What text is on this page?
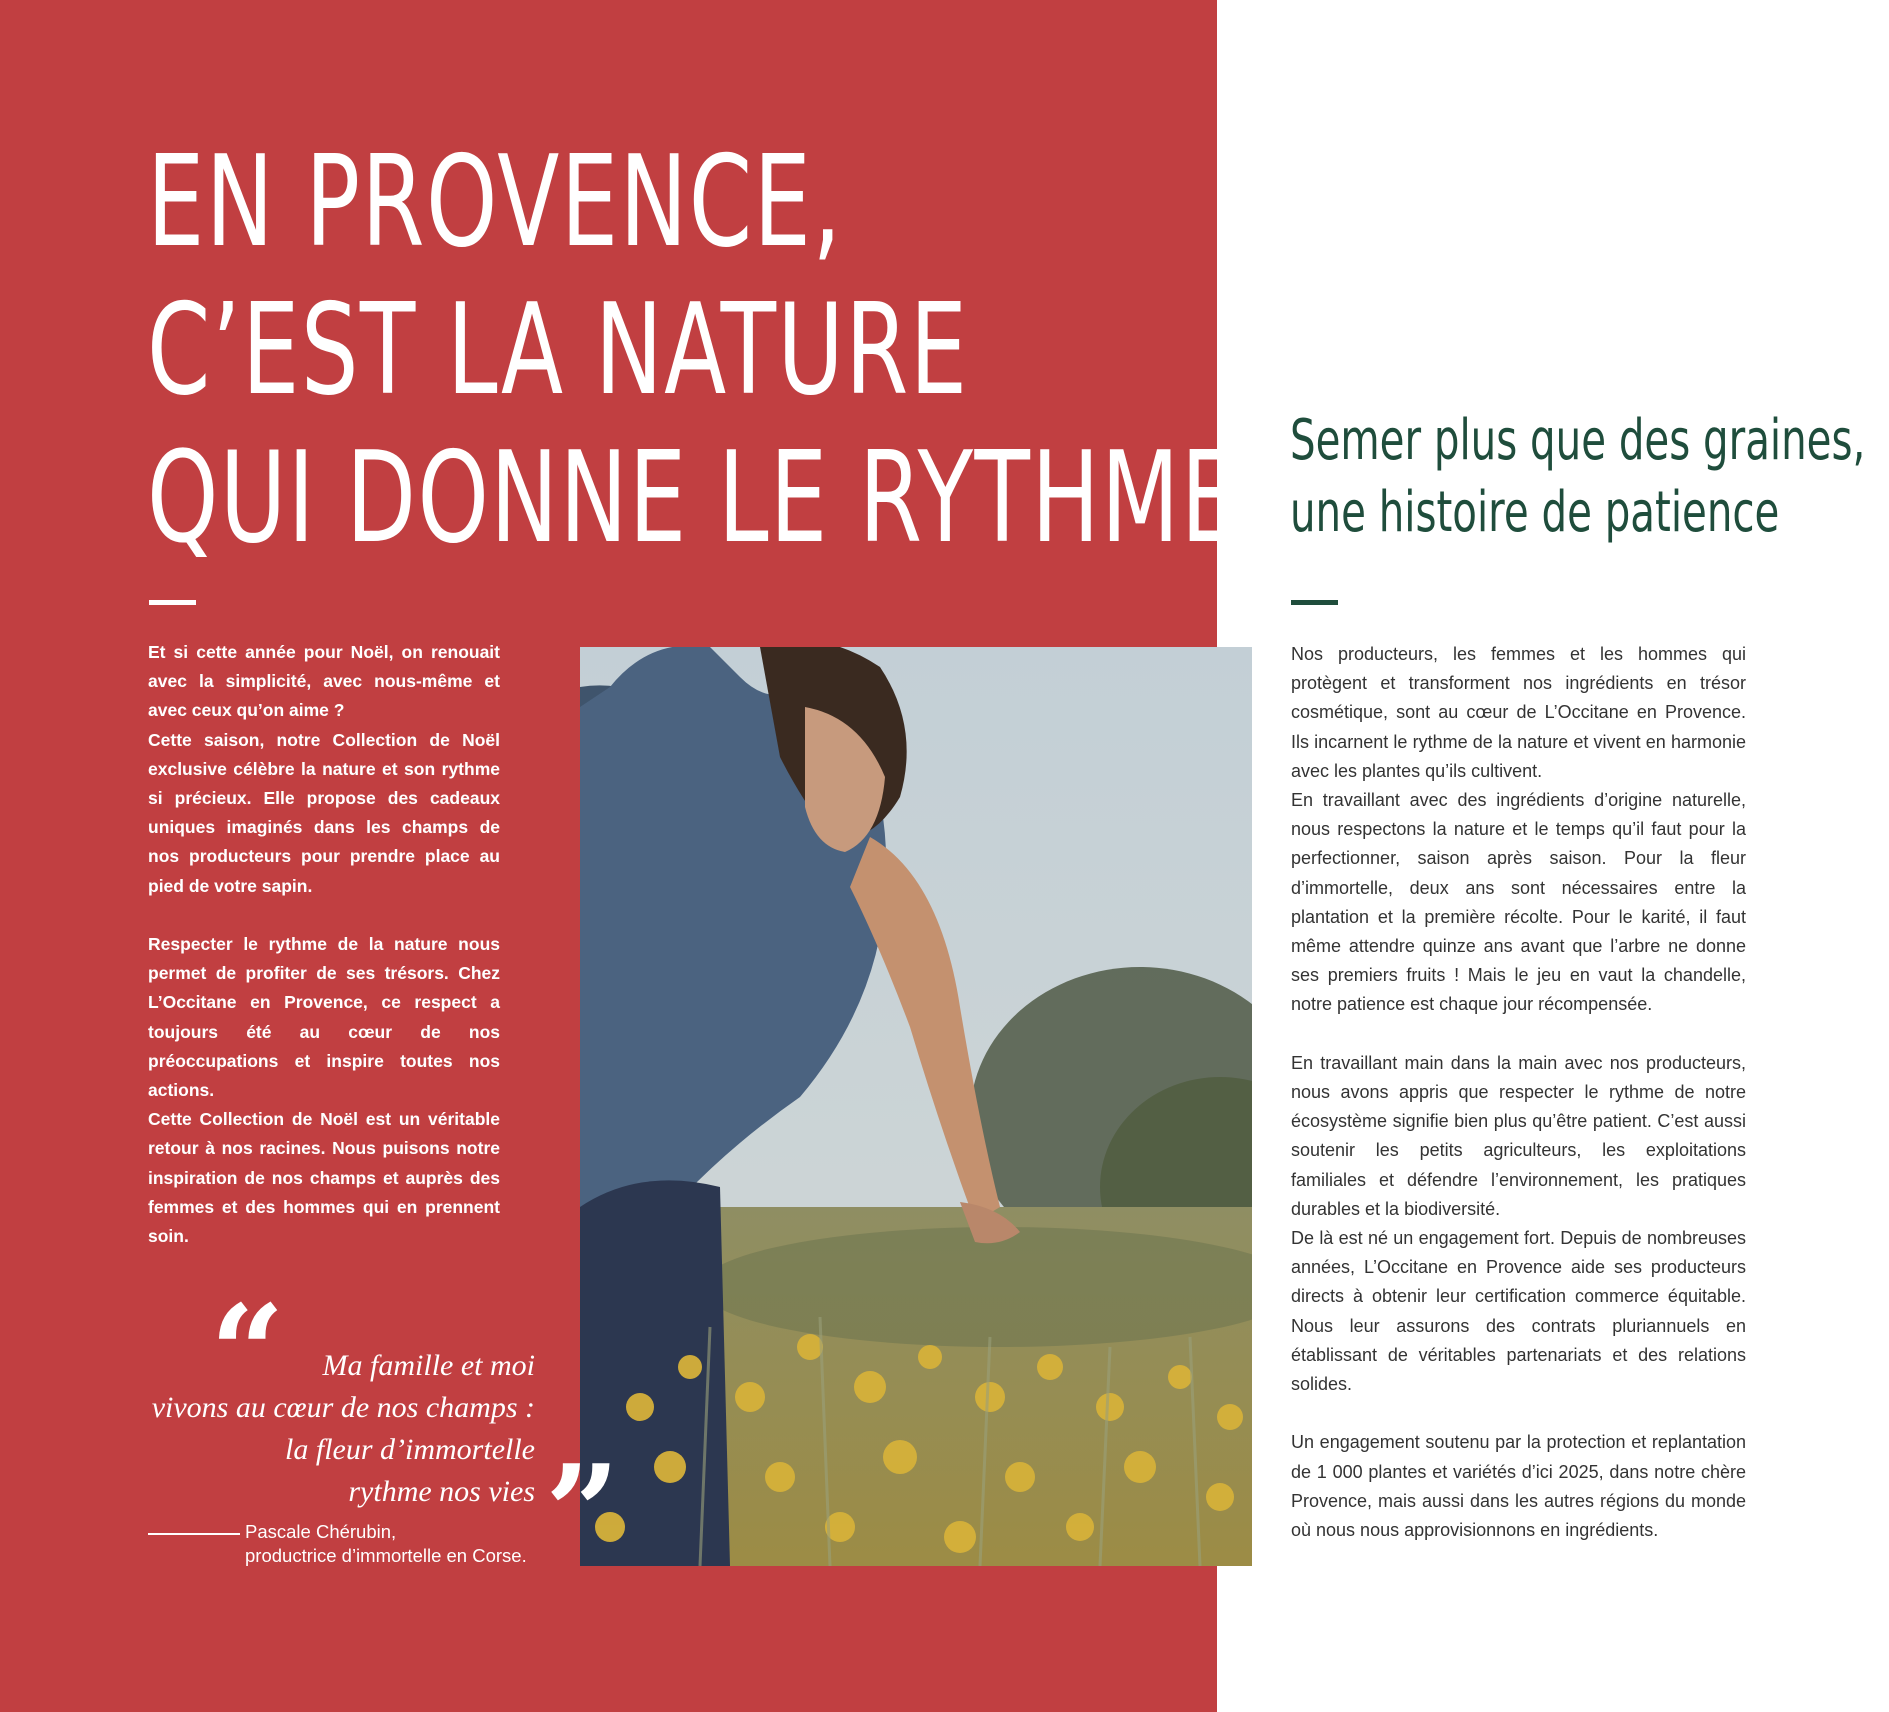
EN PROVENCE,
C’EST LA NATURE
QUI DONNE LE RYTHME.

Et si cette année pour Noël, on renouait avec la simplicité, avec nous-même et avec ceux qu’on aime ?

Cette saison, notre Collection de Noël exclusive célèbre la nature et son rythme si précieux. Elle propose des cadeaux uniques imaginés dans les champs de nos producteurs pour prendre place au pied de votre sapin.

Respecter le rythme de la nature nous permet de profiter de ses trésors. Chez L’Occitane en Provence, ce respect a toujours été au cœur de nos préoccupations et inspire toutes nos actions.

Cette Collection de Noël est un véritable retour à nos racines. Nous puisons notre inspiration de nos champs et auprès des femmes et des hommes qui en prennent soin.

“	Ma famille et moi
vivons au cœur de nos champs :
la fleur d’immortelle
rythme nos vies ”
Pascale Chérubin,
productrice d’immortelle en Corse.
Semer plus que des graines,
une histoire de patience

Nos producteurs, les femmes et les hommes qui protègent et transforment nos ingrédients en trésor cosmétique, sont au cœur de L’Occitane en Provence. Ils incarnent le rythme de la nature et vivent en harmonie avec les plantes qu’ils cultivent.

En travaillant avec des ingrédients d’origine naturelle, nous respectons la nature et le temps qu’il faut pour la perfectionner, saison après saison. Pour la fleur d’immortelle, deux ans sont nécessaires entre la plantation et la première récolte. Pour le karité, il faut même attendre quinze ans avant que l’arbre ne donne ses premiers fruits ! Mais le jeu en vaut la chandelle, notre patience est chaque jour récompensée.

En travaillant main dans la main avec nos producteurs, nous avons appris que respecter le rythme de notre écosystème signifie bien plus qu’être patient. C’est aussi soutenir les petits agriculteurs, les exploitations familiales et défendre l’environnement, les pratiques durables et la biodiversité.

De là est né un engagement fort. Depuis de nombreuses années, L’Occitane en Provence aide ses producteurs directs à obtenir leur certification commerce équitable. Nous leur assurons des contrats pluriannuels en établissant de véritables partenariats et des relations solides.

Un engagement soutenu par la protection et replantation de 1 000 plantes et variétés d’ici 2025, dans notre chère Provence, mais aussi dans les autres régions du monde où nous nous approvisionnons en ingrédients.
